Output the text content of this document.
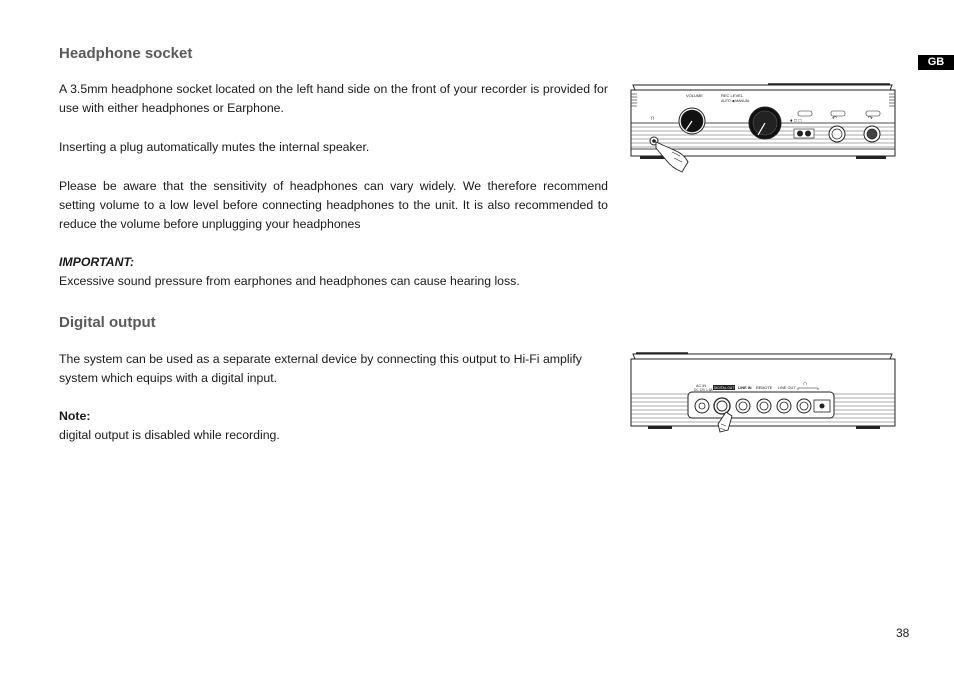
GB
Headphone socket
A 3.5mm headphone socket located on the left hand side on the front of your recorder is provided for use with either headphones or Earphone.
Inserting a plug automatically mutes the internal speaker.
Please be aware that the sensitivity of headphones can vary widely. We therefore recommend setting volume to a low level before connecting headphones to the unit. It is also recommended to reduce the volume before unplugging your headphones
IMPORTANT:
Excessive sound pressure from earphones and headphones can cause hearing loss.
Digital output
The system can be used as a separate external device by connecting this output to Hi-Fi amplify system which equips with a digital input.
Note:
digital output is disabled while recording.
38
VOLUME	REC LEVEL
AUTO ◀ MANUAL
∩	♦ □ □	↶	↷
AC IN
DC 12V 1.5A DIGITAL OUT LINE IN REMOTE LINE OUT
∩
